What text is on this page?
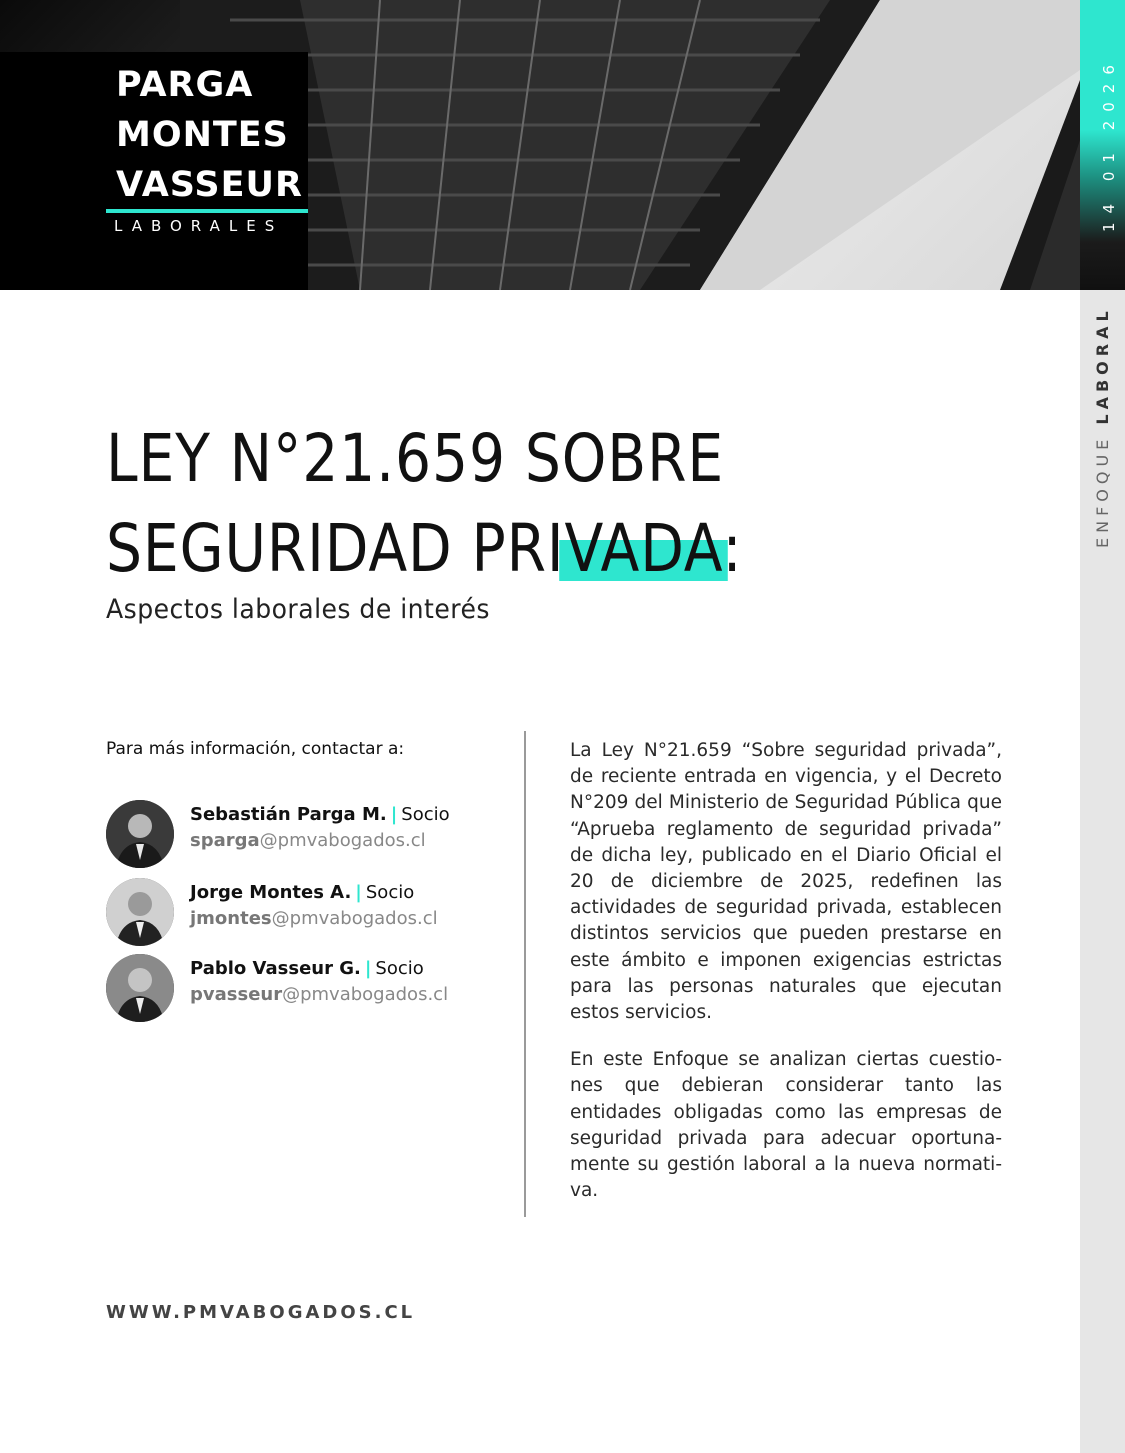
PARGA
MONTES
VASSEUR
LABORALES	14 01 2026
ENFOQUE LABORAL
LEY N°21.659 SOBRE
SEGURIDAD PRIVADA:
Aspectos laborales de interés
Para más información, contactar a:
Sebastián Parga M. | Socio
sparga@pmvabogados.cl
Jorge Montes A. | Socio
jmontes@pmvabogados.cl
Pablo Vasseur G. | Socio
pvasseur@pmvabogados.cl

La Ley N°21.659 “Sobre seguridad privada”, de reciente entrada en vigencia, y el Decreto N°209 del Ministerio de Seguridad Pública que “Aprueba reglamento de seguridad privada” de dicha ley, publicado en el Diario Oficial el 20 de diciembre de 2025, redefinen las actividades de seguridad privada, establecen distintos servicios que pueden prestarse en este ámbito e imponen exigencias estrictas para las personas naturales que ejecutan estos servicios.

En este Enfoque se analizan ciertas cuestiones que debieran considerar tanto las entidades obligadas como las empresas de seguridad privada para adecuar oportunamente su gestión laboral a la nueva normativa.

WWW.PMVABOGADOS.CL
